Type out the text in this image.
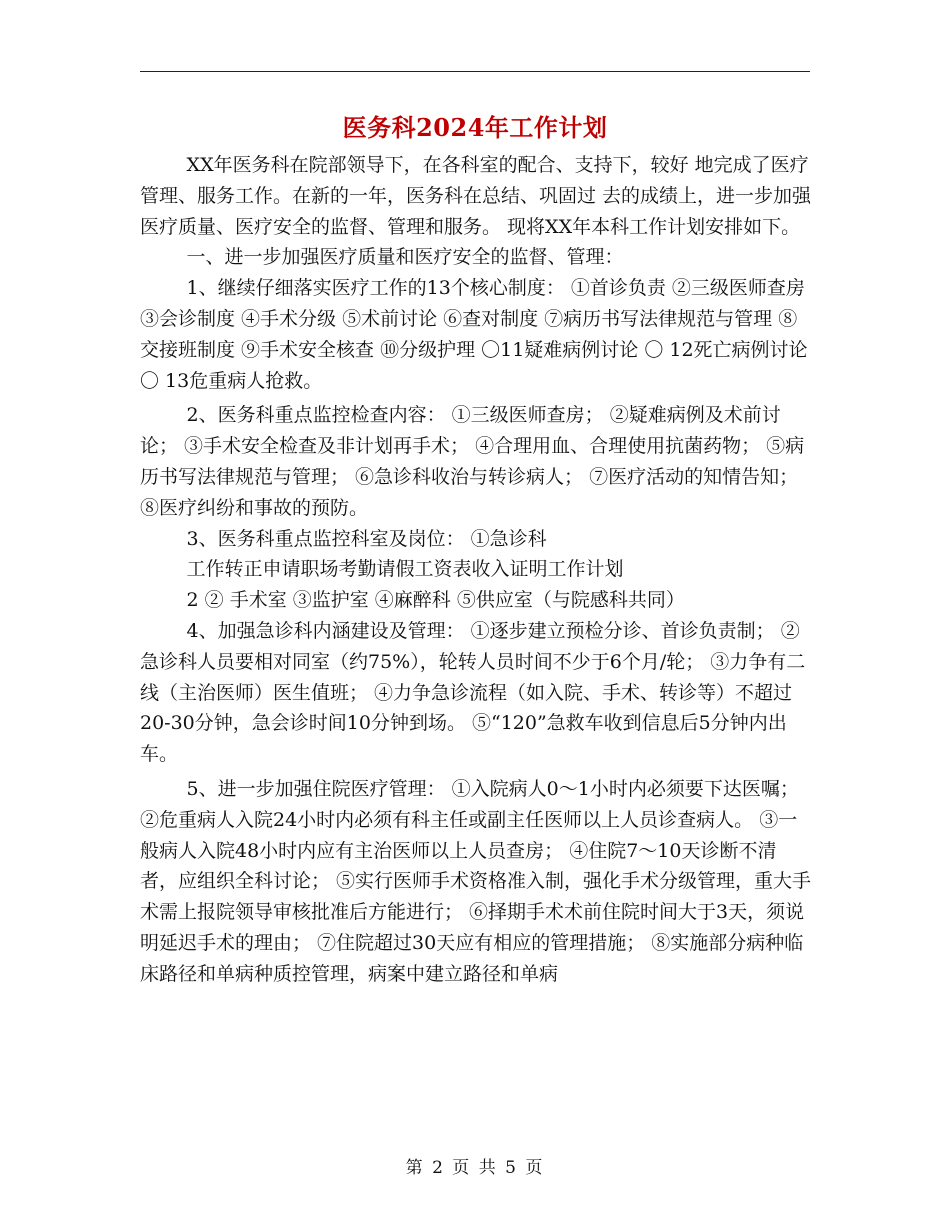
医务科2024年工作计划

XX年医务科在院部领导下，在各科室的配合、支持下，较好 地完成了医疗管理、服务工作。在新的一年，医务科在总结、巩固过 去的成绩上，进一步加强医疗质量、医疗安全的监督、管理和服务。 现将XX年本科工作计划安排如下。

一、进一步加强医疗质量和医疗安全的监督、管理：

1、继续仔细落实医疗工作的13个核心制度： ①首诊负责 ②三级医师查房 ③会诊制度 ④手术分级 ⑤术前讨论 ⑥查对制度 ⑦病历书写法律规范与管理 ⑧交接班制度 ⑨手术安全核查 ⑩分级护理 〇11疑难病例讨论 〇 12死亡病例讨论 〇 13危重病人抢救。

2、医务科重点监控检查内容： ①三级医师查房； ②疑难病例及术前讨论； ③手术安全检查及非计划再手术； ④合理用血、合理使用抗菌药物； ⑤病历书写法律规范与管理； ⑥急诊科收治与转诊病人； ⑦医疗活动的知情告知； ⑧医疗纠纷和事故的预防。

3、医务科重点监控科室及岗位： ①急诊科

工作转正申请职场考勤请假工资表收入证明工作计划

2 ② 手术室 ③监护室 ④麻醉科 ⑤供应室（与院感科共同）

4、加强急诊科内涵建设及管理： ①逐步建立预检分诊、首诊负责制； ②急诊科人员要相对同室（约75%），轮转人员时间不少于6个月/轮； ③力争有二线（主治医师）医生值班； ④力争急诊流程（如入院、手术、转诊等）不超过20-30分钟，急会诊时间10分钟到场。 ⑤“120”急救车收到信息后5分钟内出车。

5、进一步加强住院医疗管理： ①入院病人0～1小时内必须要下达医嘱； ②危重病人入院24小时内必须有科主任或副主任医师以上人员诊查病人。 ③一般病人入院48小时内应有主治医师以上人员查房； ④住院7～10天诊断不清者，应组织全科讨论； ⑤实行医师手术资格准入制，强化手术分级管理，重大手术需上报院领导审核批准后方能进行； ⑥择期手术术前住院时间大于3天，须说明延迟手术的理由； ⑦住院超过30天应有相应的管理措施； ⑧实施部分病种临床路径和单病种质控管理，病案中建立路径和单病

第 2 页 共 5 页
